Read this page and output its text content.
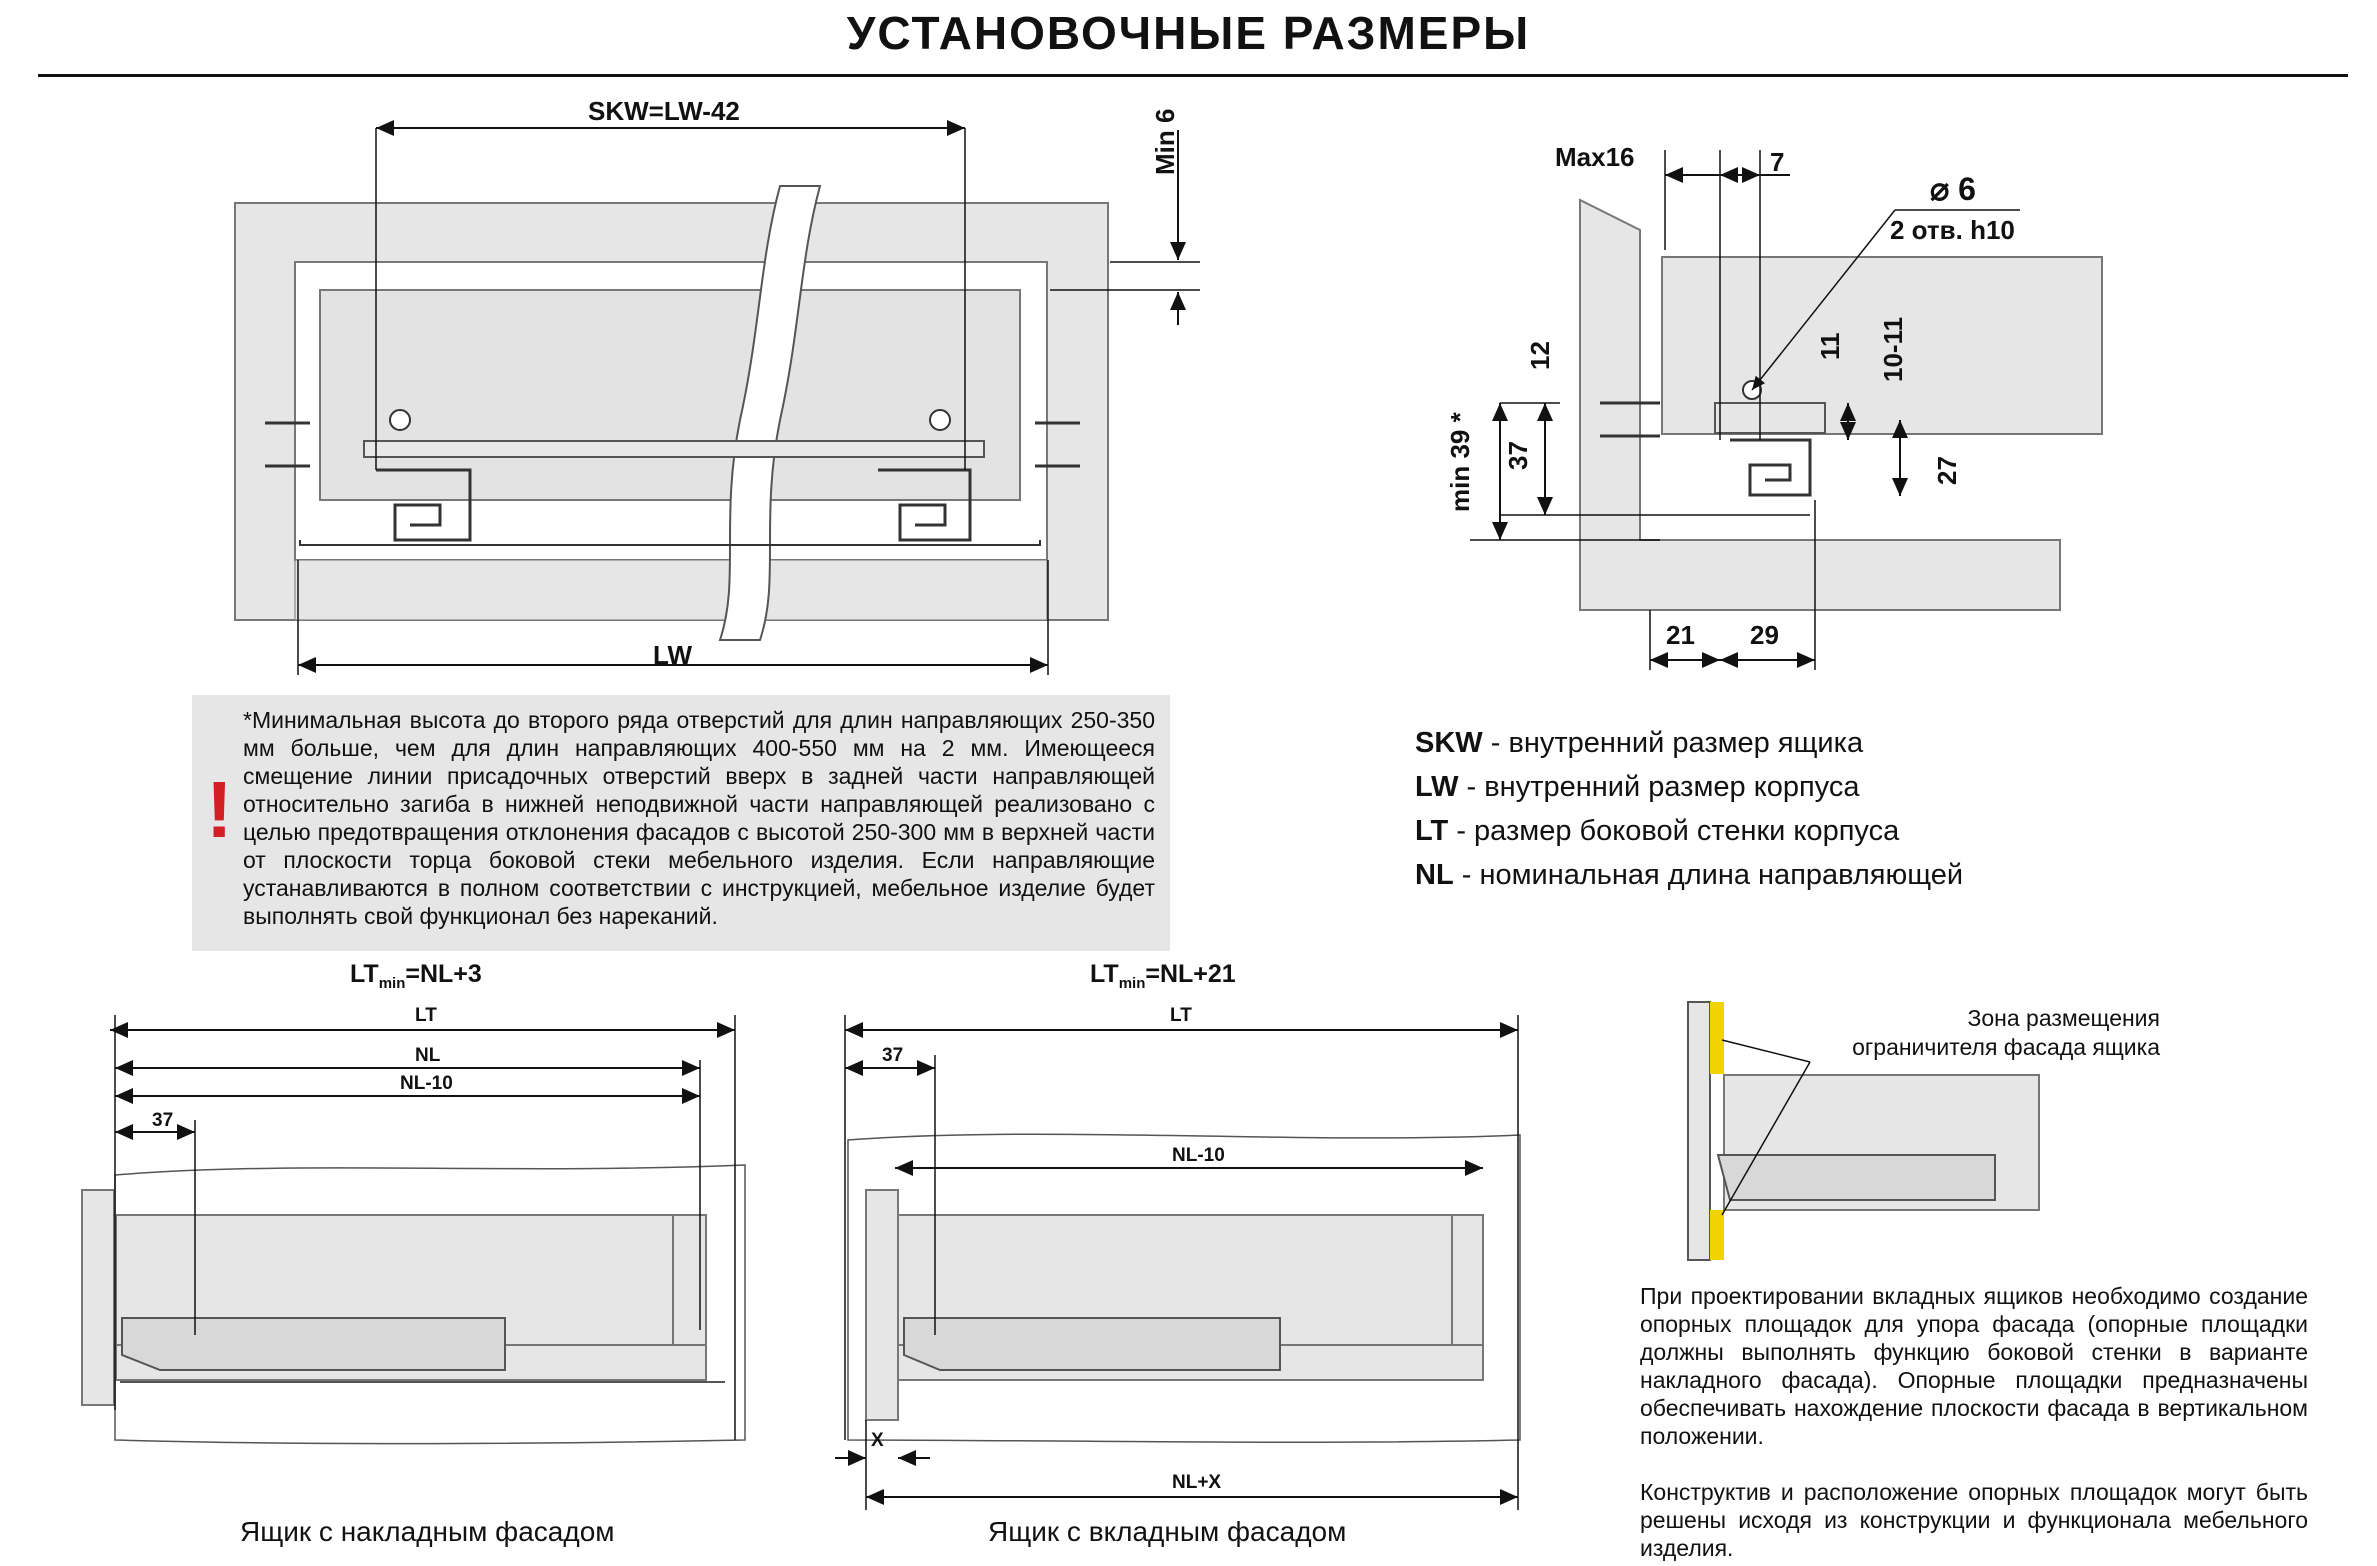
УСТАНОВОЧНЫЕ РАЗМЕРЫ
SKW=LW-42	Min 6
LW
Max16	7
⌀ 6
2 отв. h10
12	11 10-11
min 39 * 37
27
21 29
!
*Минимальная высота до второго ряда отверстий для длин направляющих 250-350 мм больше, чем для длин направляющих 400-550 мм на 2 мм. Имеющееся смещение линии присадочных отверстий вверх в задней части направляющей относительно загиба в нижней неподвижной части направляющей реализовано с целью предотвращения отклонения фасадов с высотой 250-300 мм в верхней части от плоскости торца боковой стеки мебельного изделия. Если направляющие устанавливаются в полном соответствии с инструкцией, мебельное изделие будет выполнять свой функционал без нареканий.
SKW - внутренний размер ящика
LW - внутренний размер корпуса
LT - размер боковой стенки корпуса
NL - номинальная длина направляющей
$LT_{min}=NL+3$
LT
NL
NL-10
37
Ящик с накладным фасадом
$LT_{min}=NL+21$
LT
37
NL-10
X
NL+X
Ящик с вкладным фасадом
Зона размещения
ограничителя фасада ящика
При проектировании вкладных ящиков необходимо создание опорных площадок для упора фасада (опорные площадки должны выполнять функцию боковой стенки в варианте накладного фасада). Опорные площадки предназначены обеспечивать нахождение плоскости фасада в вертикальном положении.
Конструктив и расположение опорных площадок могут быть решены исходя из конструкции и функционала мебельного изделия.
